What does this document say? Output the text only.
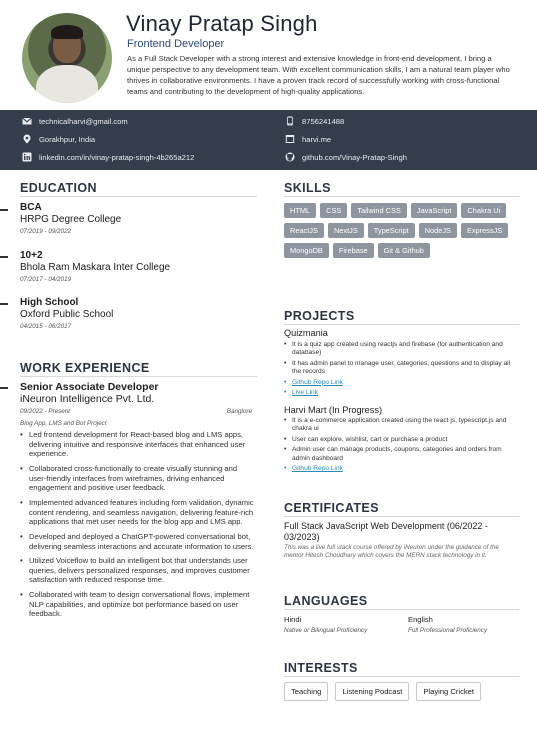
Vinay Pratap Singh
Frontend Developer
As a Full Stack Developer with a strong interest and extensive knowledge in front-end development, I bring a unique perspective to any development team. With excellent communication skills, I am a natural team player who thrives in collaborative environments. I have a proven track record of successfully working with cross-functional teams and contributing to the development of high-quality applications.
technicalharvi@gmail.com
Gorakhpur, India
linkedin.com/in/vinay-pratap-singh-4b265a212
8756241488
harvi.me
github.com/Vinay-Pratap-Singh
EDUCATION
BCA
HRPG Degree College
07/2019 - 09/2022
10+2
Bhola Ram Maskara Inter College
07/2017 - 04/2019
High School
Oxford Public School
04/2015 - 06/2017
WORK EXPERIENCE
Senior Associate Developer
iNeuron Intelligence Pvt. Ltd.
09/2022 - Present	Banglore
Blog App, LMS and Bot Project
• Led frontend development for React-based blog and LMS apps, delivering intuitive and responsive interfaces that enhanced user experience.
• Collaborated cross-functionally to create visually stunning and user-friendly interfaces from wireframes, driving enhanced engagement and positive user feedback.
• Implemented advanced features including form validation, dynamic content rendering, and seamless navigation, delivering feature-rich applications that met user needs for the blog app and LMS app.
• Developed and deployed a ChatGPT-powered conversational bot, delivering seamless interactions and accurate information to users.
• Utilized Voiceflow to build an intelligent bot that understands user queries, delivers personalized responses, and improves customer satisfaction with reduced response time.
• Collaborated with team to design conversational flows, implement NLP capabilities, and optimize bot performance based on user feedback.
SKILLS
HTML	CSS	Tailwind CSS	JavaScript	Chakra Ui
ReactJS	NextJS	TypeScript	NodeJS	ExpressJS
MongoDB	Firebase	Git & Github
PROJECTS
Quizmania
• It is a quiz app created using reactjs and firebase (for authentication and database)
• It has admin panel to manage user, categories, questions and to display all the records
• Github Repo Link
• Live Link
Harvi Mart (In Progress)
• It is a e-commerce application created using the react js, typescript.js and chakra ui
• User can explore, wishlist, cart or purchase a product
• Admin user can manage products, coupons, categories and orders from admin dashboard
• Github Repo Link
CERTIFICATES
Full Stack JavaScript Web Development (06/2022 - 03/2023)
This was a live full stack course offered by iNeuron under the guidance of the mentor Hitesh Choudhary which covers the MERN stack technology in it.
LANGUAGES
Hindi
Native or Bilingual Proficiency
English
Full Professional Proficiency
INTERESTS
Teaching	Listening Podcast	Playing Cricket
